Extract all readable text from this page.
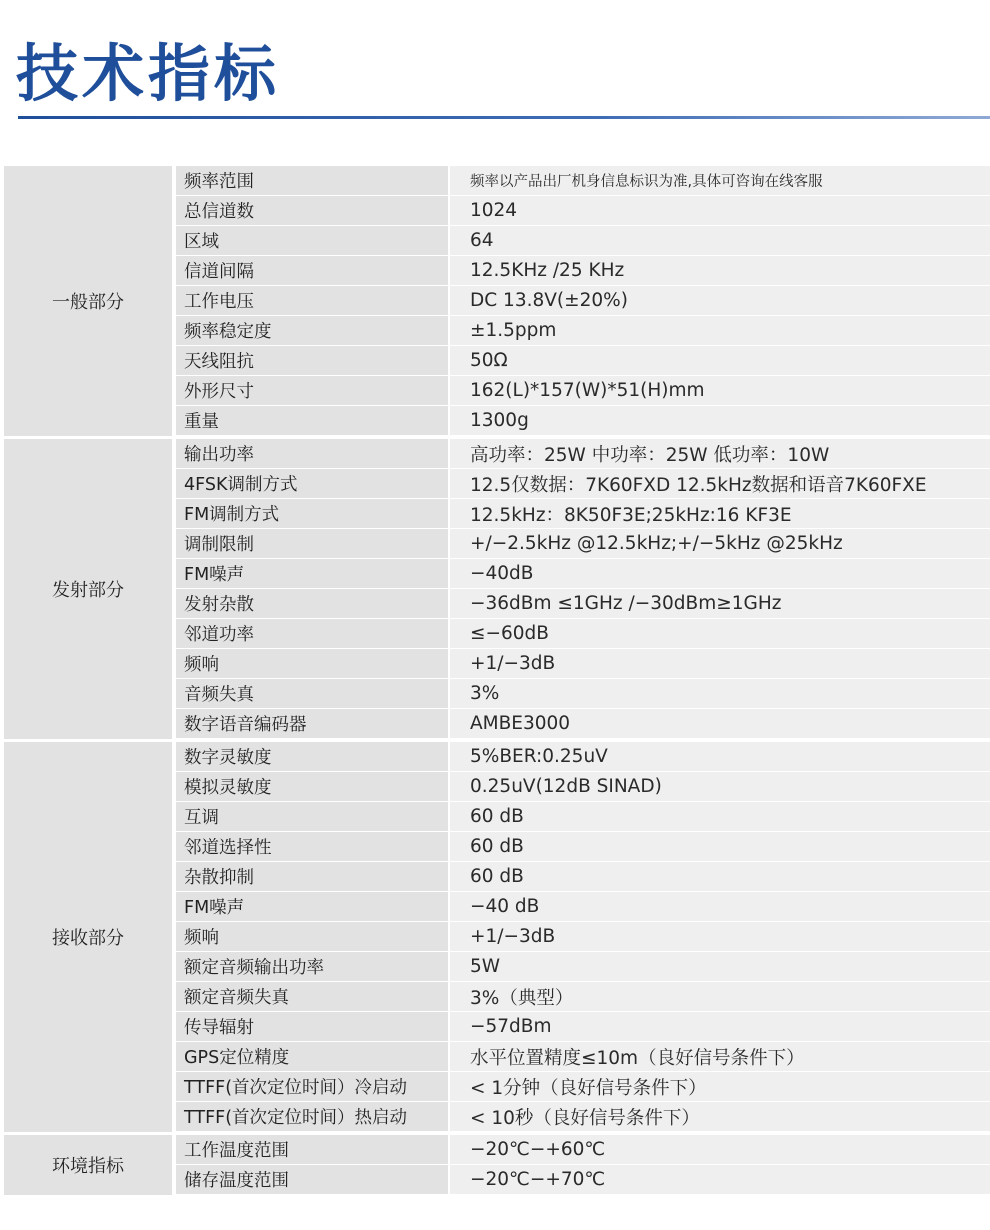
技术指标
一般部分
频率范围	频率以产品出厂机身信息标识为准,具体可咨询在线客服
总信道数	1024
区域	64
信道间隔	12.5KHz /25 KHz
工作电压	DC 13.8V(±20%)
频率稳定度	±1.5ppm
天线阻抗	50Ω
外形尺寸	162(L)*157(W)*51(H)mm
重量	1300g
发射部分
输出功率	高功率：25W 中功率：25W 低功率：10W
4FSK调制方式	12.5仅数据：7K60FXD 12.5kHz数据和语音7K60FXE
FM调制方式	12.5kHz：8K50F3E;25kHz:16 KF3E
调制限制	+/−2.5kHz @12.5kHz;+/−5kHz @25kHz
FM噪声	−40dB
发射杂散	−36dBm ≤1GHz /−30dBm≥1GHz
邻道功率	≤−60dB
频响	+1/−3dB
音频失真	3%
数字语音编码器	AMBE3000
接收部分
数字灵敏度	5%BER:0.25uV
模拟灵敏度	0.25uV(12dB SINAD)
互调	60 dB
邻道选择性	60 dB
杂散抑制	60 dB
FM噪声	−40 dB
频响	+1/−3dB
额定音频输出功率	5W
额定音频失真	3%（典型）
传导辐射	−57dBm
GPS定位精度	水平位置精度≤10m（良好信号条件下）
TTFF(首次定位时间）冷启动	< 1分钟（良好信号条件下）
TTFF(首次定位时间）热启动	< 10秒（良好信号条件下）
环境指标
工作温度范围	−20℃−+60℃
储存温度范围	−20℃−+70℃
